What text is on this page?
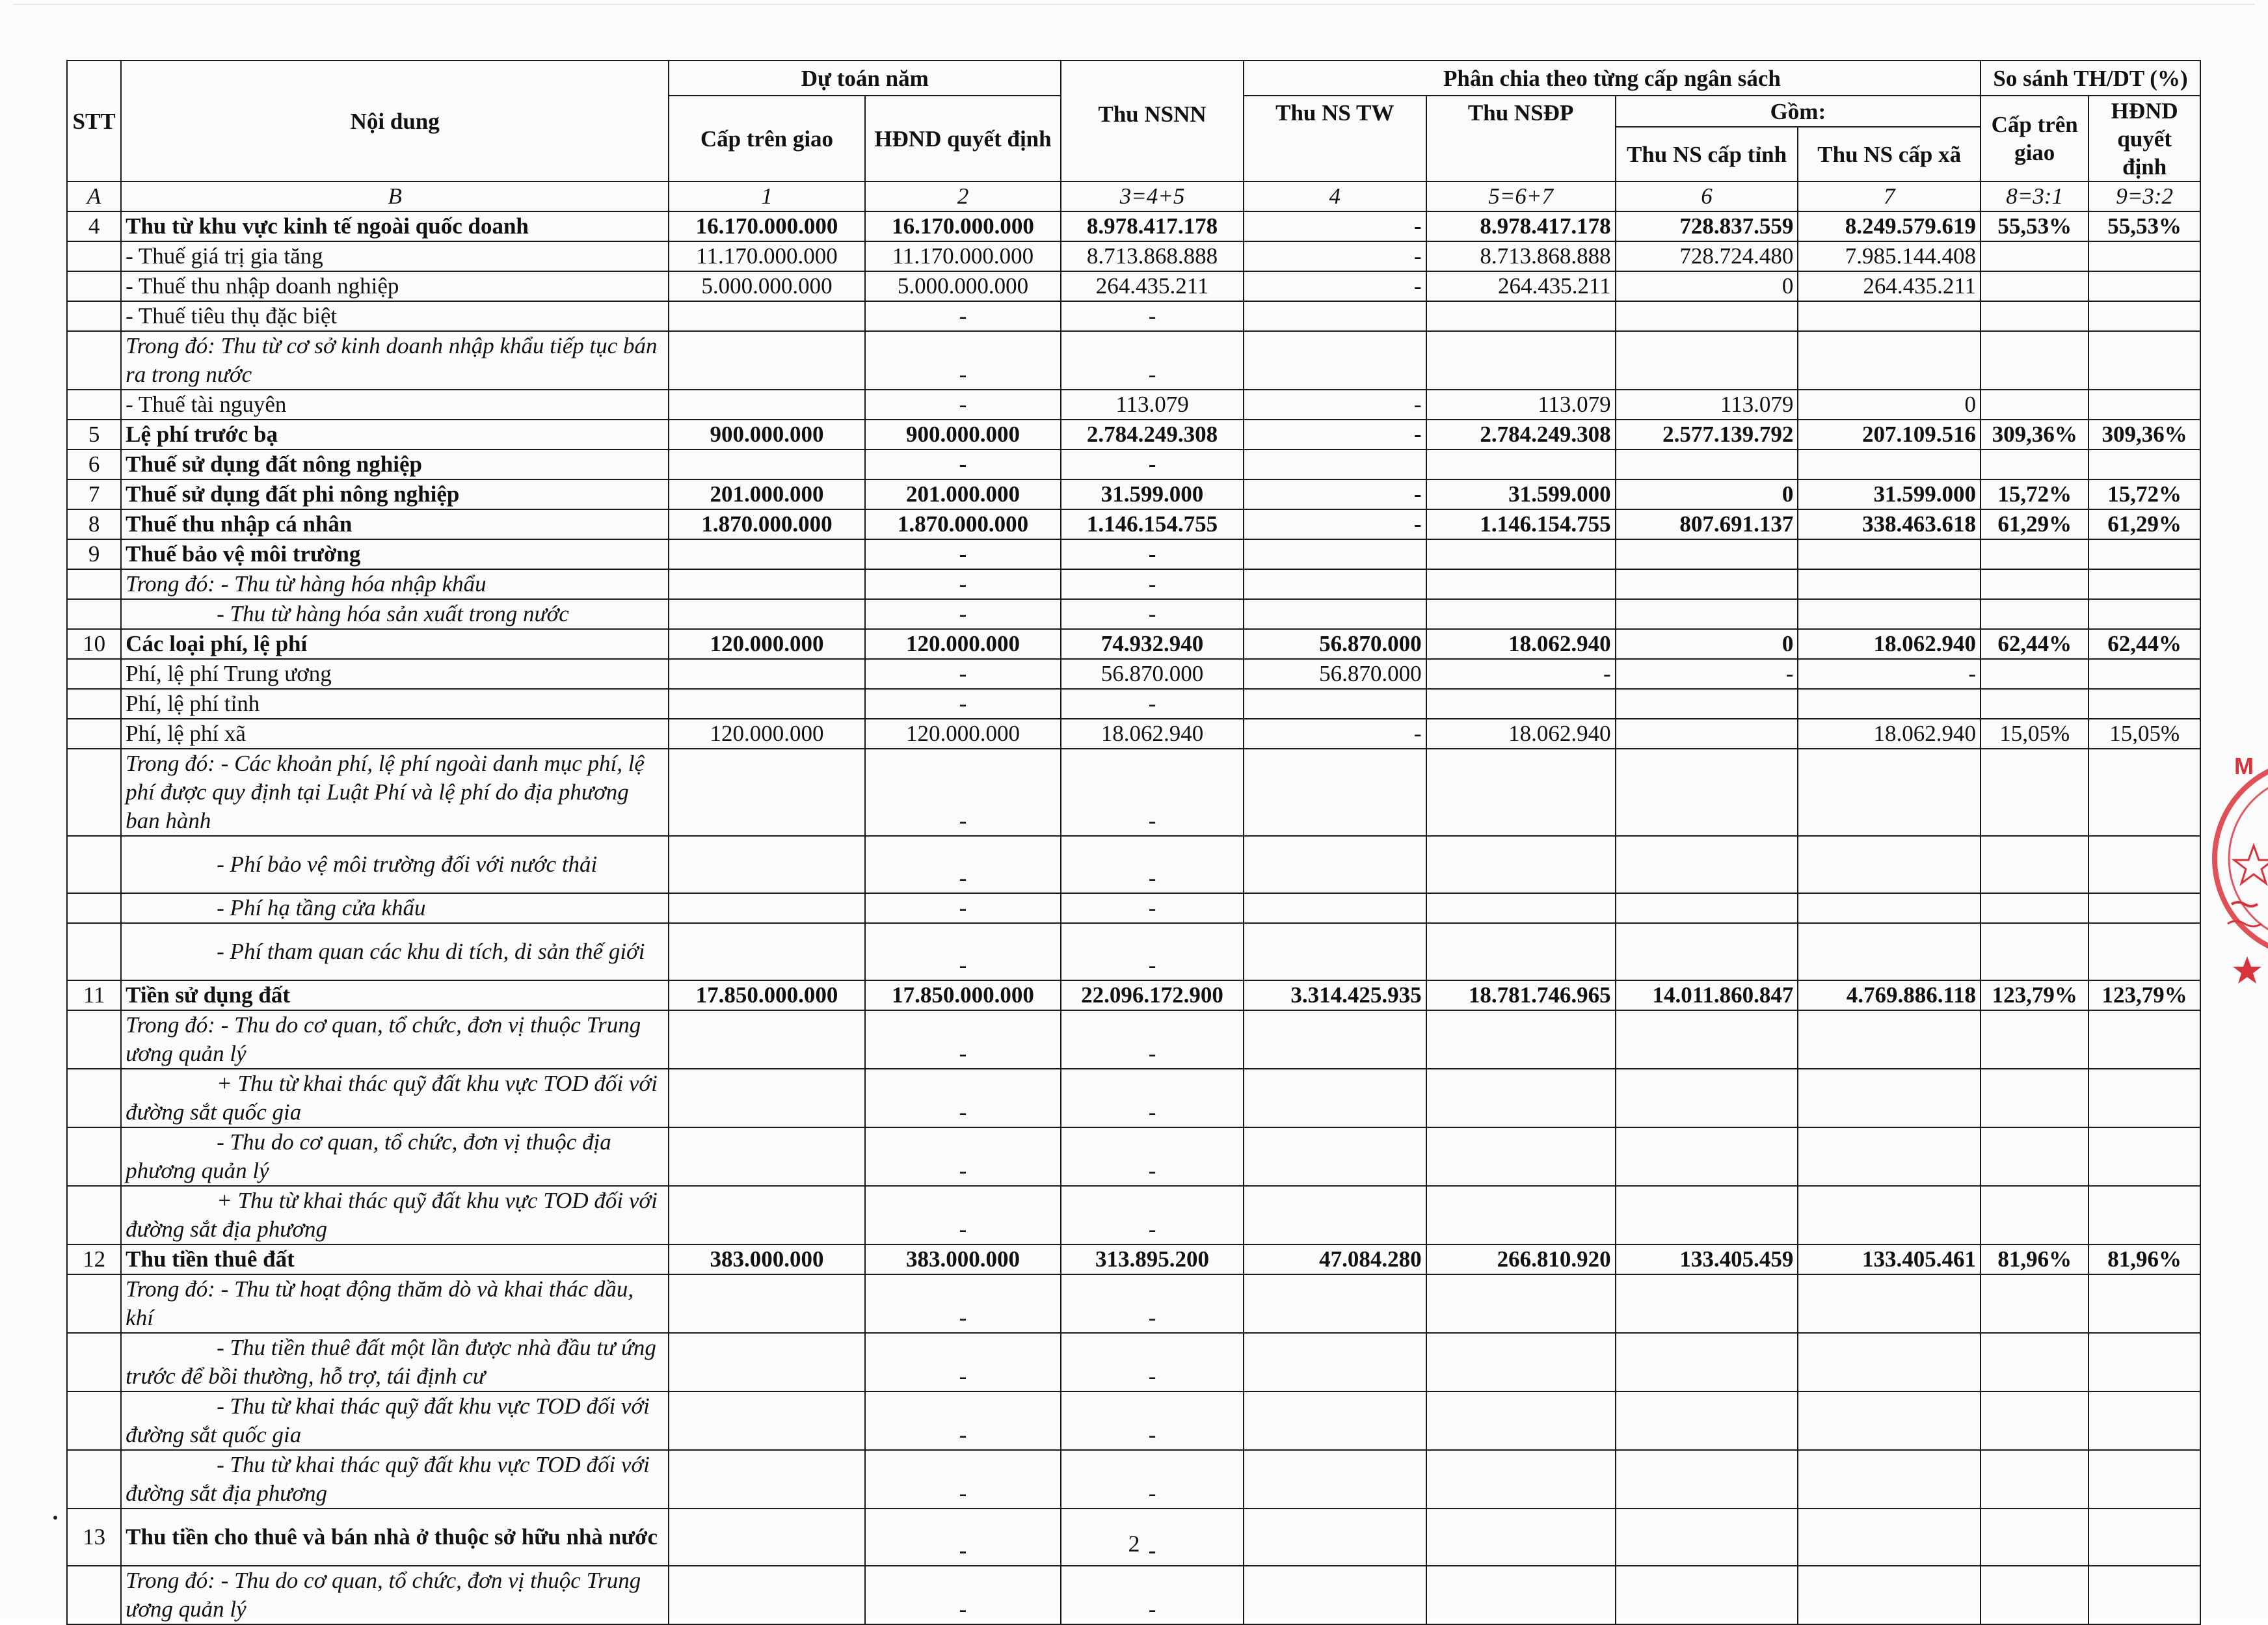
STT	Nội dung	Dự toán năm		Thu NSNN	Phân chia theo từng cấp ngân sách				So sánh TH/DT (%)	
		Cấp trên giao	HĐND quyết định		Thu NS TW	Thu NSĐP	Gồm:		Cấp trên giao	HĐND quyết định
							Thu NS cấp tỉnh	Thu NS cấp xã		
A	B	1	2	3=4+5	4	5=6+7	6	7	8=3:1	9=3:2
4	Thu từ khu vực kinh tế ngoài quốc doanh	16.170.000.000	16.170.000.000	8.978.417.178	-	8.978.417.178	728.837.559	8.249.579.619	55,53%	55,53%
	- Thuế giá trị gia tăng	11.170.000.000	11.170.000.000	8.713.868.888	-	8.713.868.888	728.724.480	7.985.144.408		
	- Thuế thu nhập doanh nghiệp	5.000.000.000	5.000.000.000	264.435.211	-	264.435.211	0	264.435.211		
	- Thuế tiêu thụ đặc biệt		-	-						
	Trong đó: Thu từ cơ sở kinh doanh nhập khẩu tiếp tục bán ra trong nước		-	-						
	- Thuế tài nguyên		-	113.079	-	113.079	113.079	0		
5	Lệ phí trước bạ	900.000.000	900.000.000	2.784.249.308	-	2.784.249.308	2.577.139.792	207.109.516	309,36%	309,36%
6	Thuế sử dụng đất nông nghiệp		-	-						
7	Thuế sử dụng đất phi nông nghiệp	201.000.000	201.000.000	31.599.000	-	31.599.000	0	31.599.000	15,72%	15,72%
8	Thuế thu nhập cá nhân	1.870.000.000	1.870.000.000	1.146.154.755	-	1.146.154.755	807.691.137	338.463.618	61,29%	61,29%
9	Thuế bảo vệ môi trường		-	-						
	Trong đó: - Thu từ hàng hóa nhập khẩu		-	-						
	- Thu từ hàng hóa sản xuất trong nước		-	-						
10	Các loại phí, lệ phí	120.000.000	120.000.000	74.932.940	56.870.000	18.062.940	0	18.062.940	62,44%	62,44%
	Phí, lệ phí Trung ương		-	56.870.000	56.870.000	-	-	-		
	Phí, lệ phí tỉnh		-	-						
	Phí, lệ phí xã	120.000.000	120.000.000	18.062.940	-	18.062.940		18.062.940	15,05%	15,05%
	Trong đó: - Các khoản phí, lệ phí ngoài danh mục phí, lệ phí được quy định tại Luật Phí và lệ phí do địa phương ban hành		-	-						
	- Phí bảo vệ môi trường đối với nước thải		-	-						
	- Phí hạ tầng cửa khẩu		-	-						
	- Phí tham quan các khu di tích, di sản thế giới		-	-						
11	Tiền sử dụng đất	17.850.000.000	17.850.000.000	22.096.172.900	3.314.425.935	18.781.746.965	14.011.860.847	4.769.886.118	123,79%	123,79%
	Trong đó: - Thu do cơ quan, tổ chức, đơn vị thuộc Trung ương quản lý		-	-						
	+ Thu từ khai thác quỹ đất khu vực TOD đối với đường sắt quốc gia		-	-						
	- Thu do cơ quan, tổ chức, đơn vị thuộc địa phương quản lý		-	-						
	+ Thu từ khai thác quỹ đất khu vực TOD đối với đường sắt địa phương		-	-						
12	Thu tiền thuê đất	383.000.000	383.000.000	313.895.200	47.084.280	266.810.920	133.405.459	133.405.461	81,96%	81,96%
	Trong đó: - Thu từ hoạt động thăm dò và khai thác dầu, khí		-	-						
	- Thu tiền thuê đất một lần được nhà đầu tư ứng trước để bồi thường, hỗ trợ, tái định cư		-	-						
	- Thu từ khai thác quỹ đất khu vực TOD đối với đường sắt quốc gia		-	-						
	- Thu từ khai thác quỹ đất khu vực TOD đối với đường sắt địa phương		-	-						
13	Thu tiền cho thuê và bán nhà ở thuộc sở hữu nhà nước		-	-						
	Trong đó: - Thu do cơ quan, tổ chức, đơn vị thuộc Trung ương quản lý		-	-						
2
M
